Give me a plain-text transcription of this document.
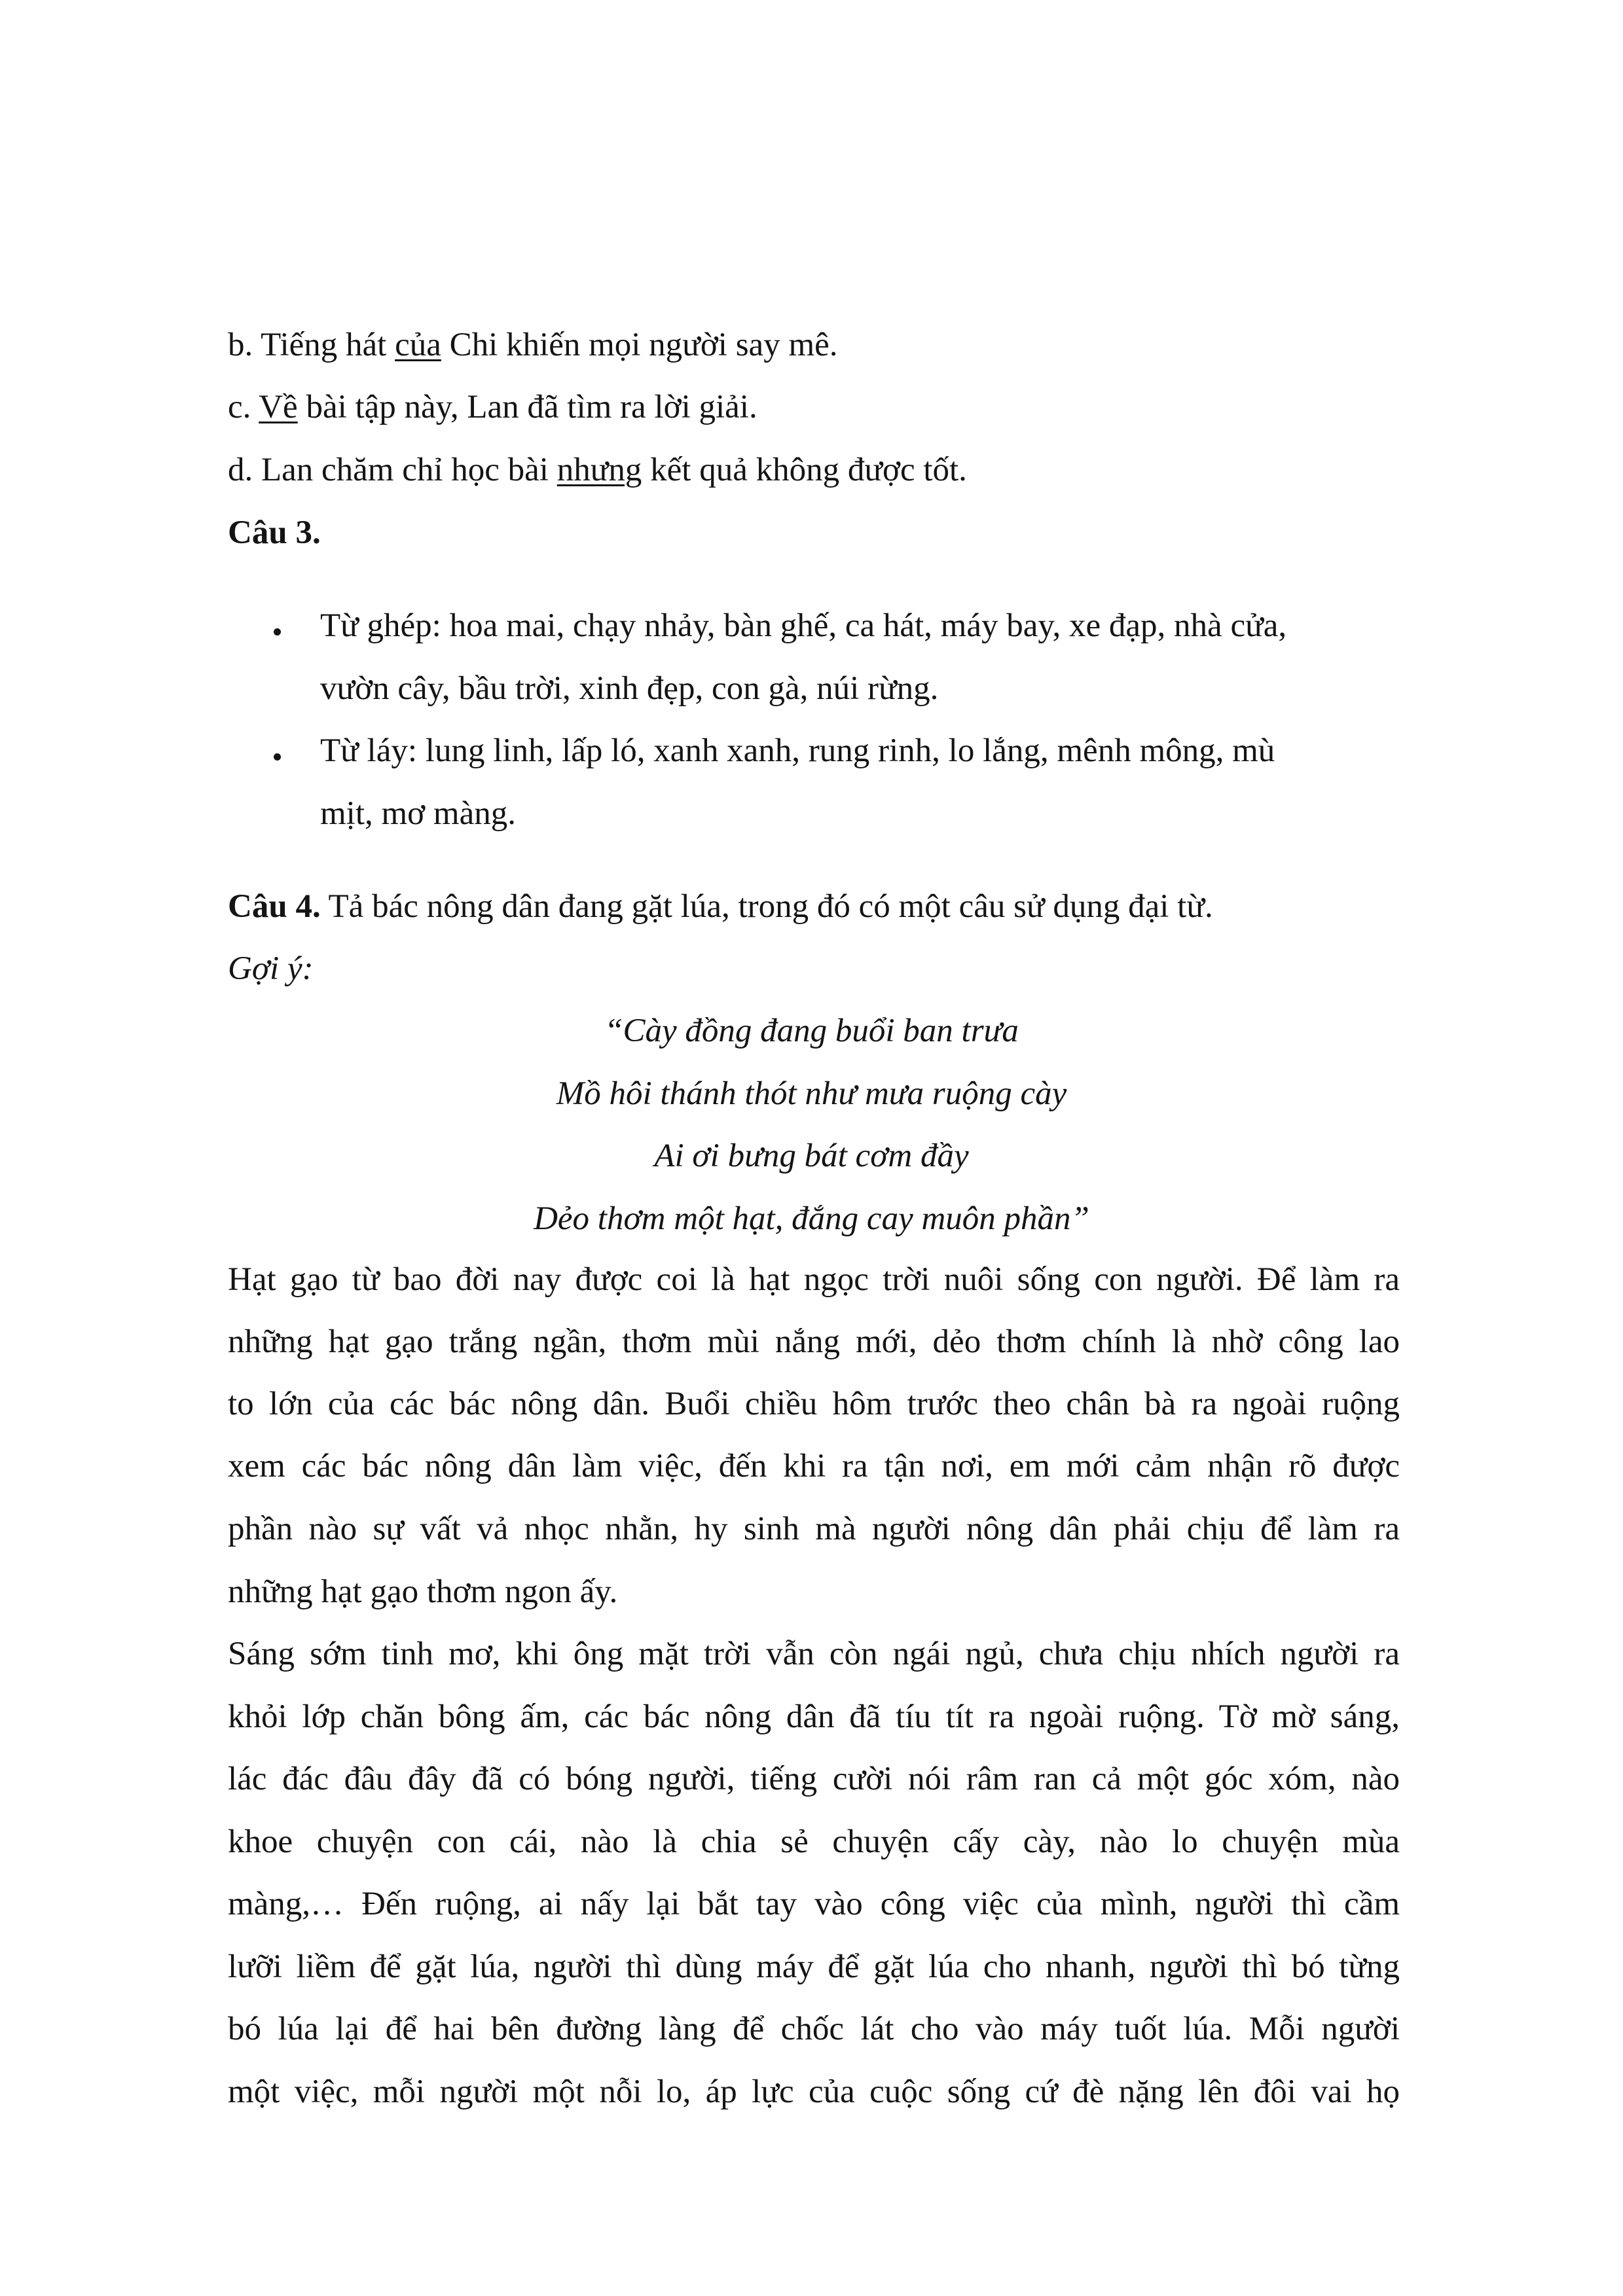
b. Tiếng hát của Chi khiến mọi người say mê.
c. Về bài tập này, Lan đã tìm ra lời giải.
d. Lan chăm chỉ học bài nhưng kết quả không được tốt.
Câu 3.
Từ ghép: hoa mai, chạy nhảy, bàn ghế, ca hát, máy bay, xe đạp, nhà cửa,
vườn cây, bầu trời, xinh đẹp, con gà, núi rừng.
Từ láy: lung linh, lấp ló, xanh xanh, rung rinh, lo lắng, mênh mông, mù
mịt, mơ màng.
Câu 4. Tả bác nông dân đang gặt lúa, trong đó có một câu sử dụng đại từ.
Gợi ý:
“Cày đồng đang buổi ban trưa
Mồ hôi thánh thót như mưa ruộng cày
Ai ơi bưng bát cơm đầy
Dẻo thơm một hạt, đắng cay muôn phần”
Hạt gạo từ bao đời nay được coi là hạt ngọc trời nuôi sống con người. Để làm ra
những hạt gạo trắng ngần, thơm mùi nắng mới, dẻo thơm chính là nhờ công lao
to lớn của các bác nông dân. Buổi chiều hôm trước theo chân bà ra ngoài ruộng
xem các bác nông dân làm việc, đến khi ra tận nơi, em mới cảm nhận rõ được
phần nào sự vất vả nhọc nhằn, hy sinh mà người nông dân phải chịu để làm ra
những hạt gạo thơm ngon ấy.
Sáng sớm tinh mơ, khi ông mặt trời vẫn còn ngái ngủ, chưa chịu nhích người ra
khỏi lớp chăn bông ấm, các bác nông dân đã tíu tít ra ngoài ruộng. Tờ mờ sáng,
lác đác đâu đây đã có bóng người, tiếng cười nói râm ran cả một góc xóm, nào
khoe chuyện con cái, nào là chia sẻ chuyện cấy cày, nào lo chuyện mùa
màng,… Đến ruộng, ai nấy lại bắt tay vào công việc của mình, người thì cầm
lưỡi liềm để gặt lúa, người thì dùng máy để gặt lúa cho nhanh, người thì bó từng
bó lúa lại để hai bên đường làng để chốc lát cho vào máy tuốt lúa. Mỗi người
một việc, mỗi người một nỗi lo, áp lực của cuộc sống cứ đè nặng lên đôi vai họ
